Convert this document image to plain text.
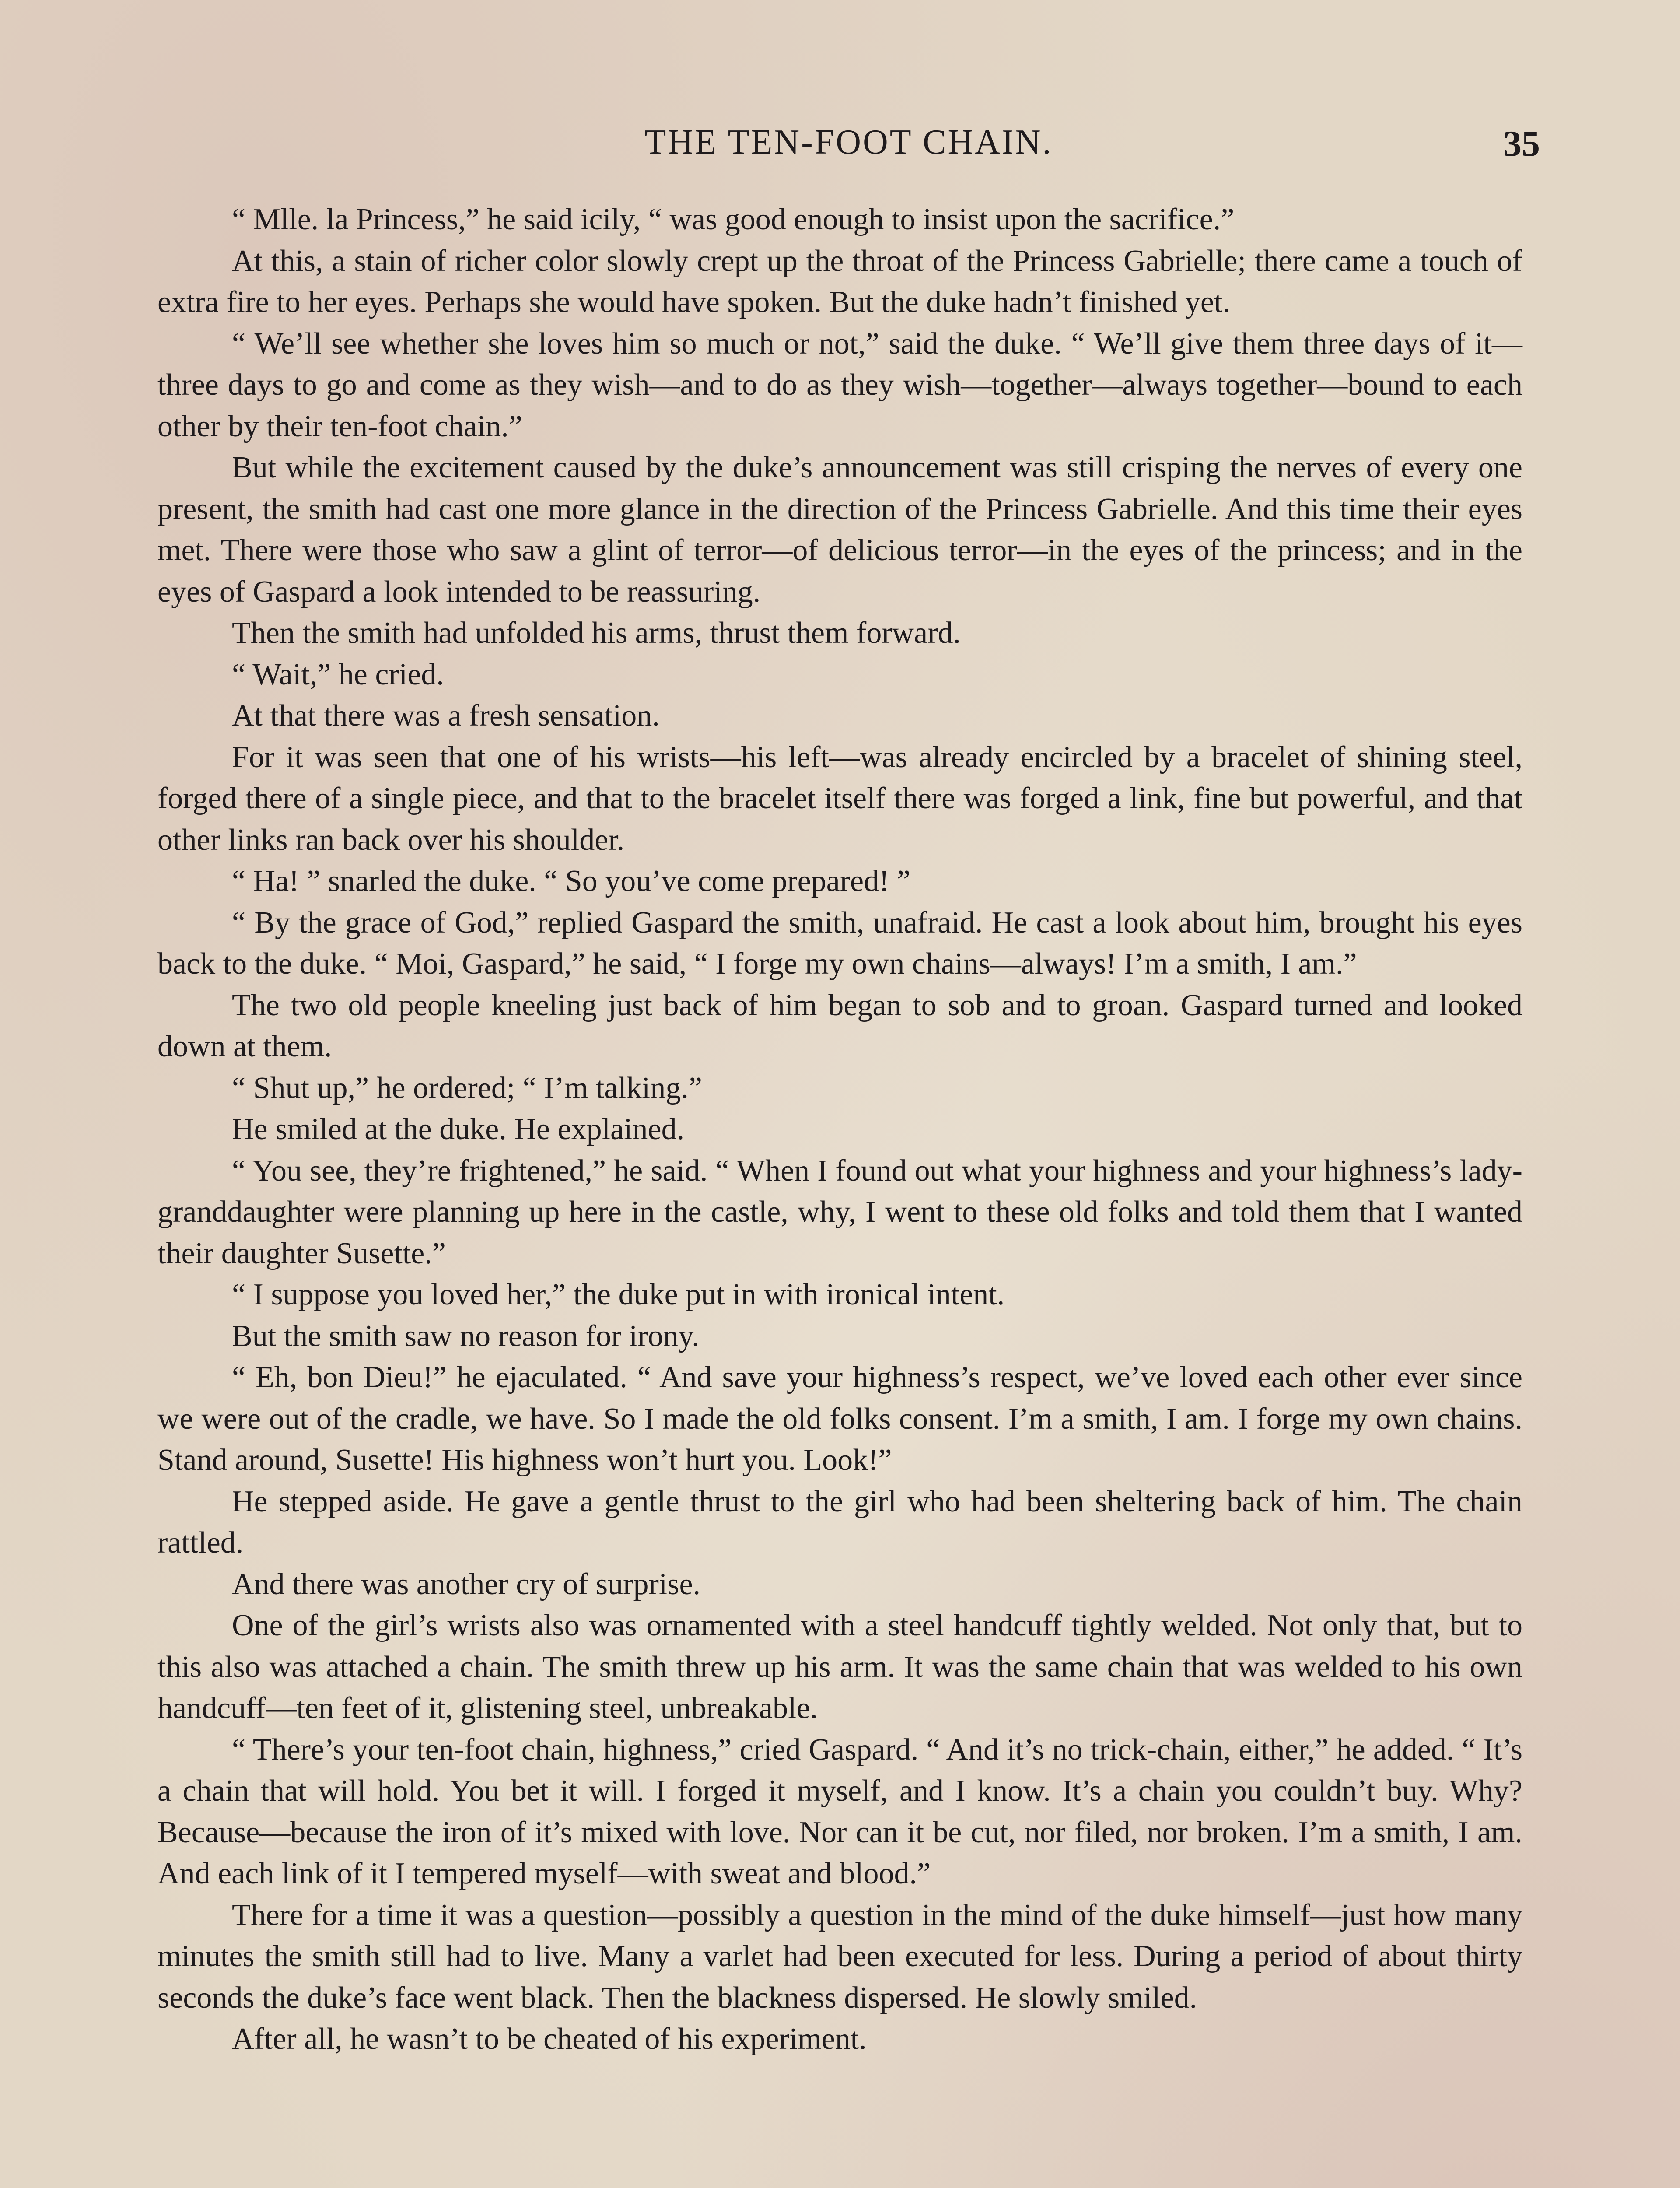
THE TEN-FOOT CHAIN.	35

“ Mlle. la Princess,” he said icily, “ was good enough to insist upon the sacrifice.”

At this, a stain of richer color slowly crept up the throat of the Princess Gabrielle; there came a touch of extra fire to her eyes. Perhaps she would have spoken. But the duke hadn’t finished yet.

“ We’ll see whether she loves him so much or not,” said the duke. “ We’ll give them three days of it—three days to go and come as they wish—and to do as they wish—together—always together—bound to each other by their ten-foot chain.”

But while the excitement caused by the duke’s announcement was still crisping the nerves of every one present, the smith had cast one more glance in the direction of the Princess Gabrielle. And this time their eyes met. There were those who saw a glint of terror—of delicious terror—in the eyes of the princess; and in the eyes of Gaspard a look intended to be reassuring.

Then the smith had unfolded his arms, thrust them forward.

“ Wait,” he cried.

At that there was a fresh sensation.

For it was seen that one of his wrists—his left—was already encircled by a bracelet of shining steel, forged there of a single piece, and that to the bracelet itself there was forged a link, fine but powerful, and that other links ran back over his shoulder.

“ Ha! ” snarled the duke. “ So you’ve come prepared! ”

“ By the grace of God,” replied Gaspard the smith, unafraid. He cast a look about him, brought his eyes back to the duke. “ Moi, Gaspard,” he said, “ I forge my own chains—always! I’m a smith, I am.”

The two old people kneeling just back of him began to sob and to groan. Gaspard turned and looked down at them.

“ Shut up,” he ordered; “ I’m talking.”

He smiled at the duke. He explained.

“ You see, they’re frightened,” he said. “ When I found out what your highness and your highness’s lady-granddaughter were planning up here in the castle, why, I went to these old folks and told them that I wanted their daughter Susette.”

“ I suppose you loved her,” the duke put in with ironical intent.

But the smith saw no reason for irony.

“ Eh, bon Dieu!” he ejaculated. “ And save your highness’s respect, we’ve loved each other ever since we were out of the cradle, we have. So I made the old folks consent. I’m a smith, I am. I forge my own chains. Stand around, Susette! His highness won’t hurt you. Look!”

He stepped aside. He gave a gentle thrust to the girl who had been sheltering back of him. The chain rattled.

And there was another cry of surprise.

One of the girl’s wrists also was ornamented with a steel handcuff tightly welded. Not only that, but to this also was attached a chain. The smith threw up his arm. It was the same chain that was welded to his own handcuff—ten feet of it, glistening steel, unbreakable.

“ There’s your ten-foot chain, highness,” cried Gaspard. “ And it’s no trick-chain, either,” he added. “ It’s a chain that will hold. You bet it will. I forged it myself, and I know. It’s a chain you couldn’t buy. Why? Because—because the iron of it’s mixed with love. Nor can it be cut, nor filed, nor broken. I’m a smith, I am. And each link of it I tempered myself—with sweat and blood.”

There for a time it was a question—possibly a question in the mind of the duke himself—just how many minutes the smith still had to live. Many a varlet had been executed for less. During a period of about thirty seconds the duke’s face went black. Then the blackness dispersed. He slowly smiled.

After all, he wasn’t to be cheated of his experiment.
